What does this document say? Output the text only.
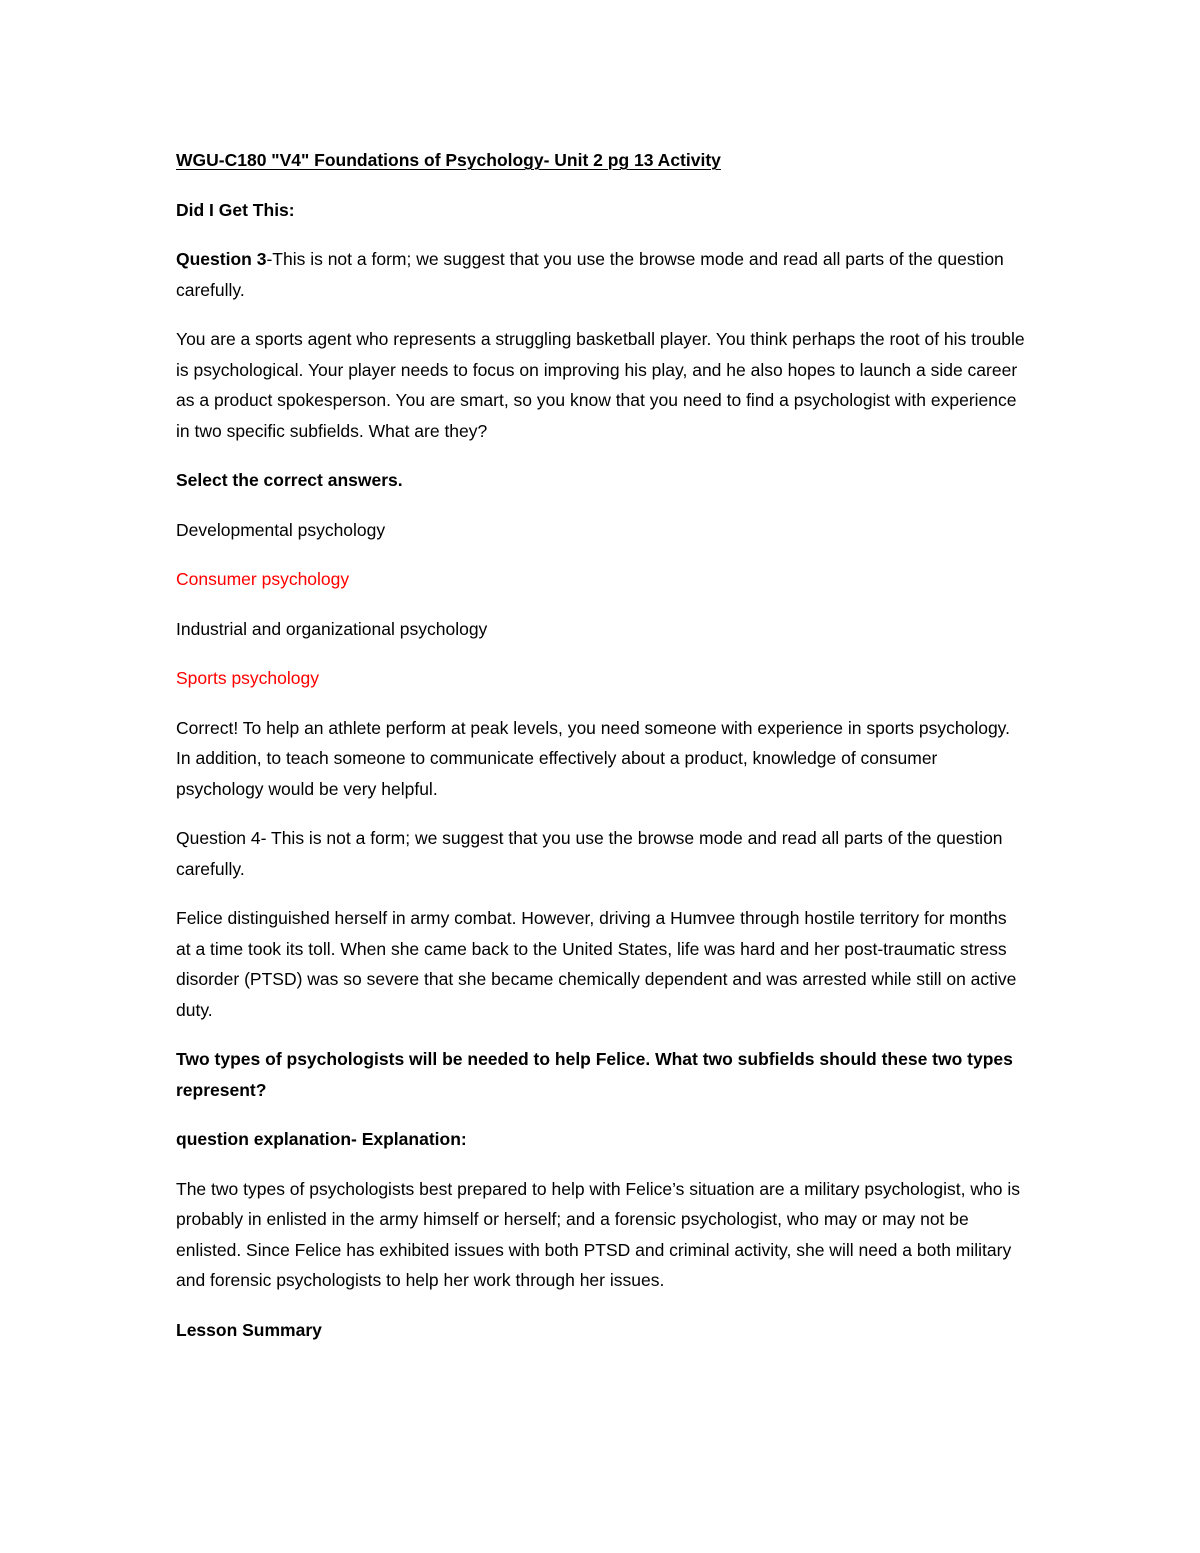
WGU-C180 "V4" Foundations of Psychology- Unit 2 pg 13 Activity

Did I Get This:

Question 3-This is not a form; we suggest that you use the browse mode and read all parts of the question carefully.

You are a sports agent who represents a struggling basketball player. You think perhaps the root of his trouble is psychological. Your player needs to focus on improving his play, and he also hopes to launch a side career as a product spokesperson. You are smart, so you know that you need to find a psychologist with experience in two specific subfields. What are they?

Select the correct answers.

Developmental psychology

Consumer psychology

Industrial and organizational psychology

Sports psychology

Correct! To help an athlete perform at peak levels, you need someone with experience in sports psychology. In addition, to teach someone to communicate effectively about a product, knowledge of consumer psychology would be very helpful.

Question 4- This is not a form; we suggest that you use the browse mode and read all parts of the question carefully.

Felice distinguished herself in army combat. However, driving a Humvee through hostile territory for months at a time took its toll. When she came back to the United States, life was hard and her post-traumatic stress disorder (PTSD) was so severe that she became chemically dependent and was arrested while still on active duty.

Two types of psychologists will be needed to help Felice. What two subfields should these two types represent?

question explanation- Explanation:

The two types of psychologists best prepared to help with Felice’s situation are a military psychologist, who is probably in enlisted in the army himself or herself; and a forensic psychologist, who may or may not be enlisted. Since Felice has exhibited issues with both PTSD and criminal activity, she will need a both military and forensic psychologists to help her work through her issues.

Lesson Summary
